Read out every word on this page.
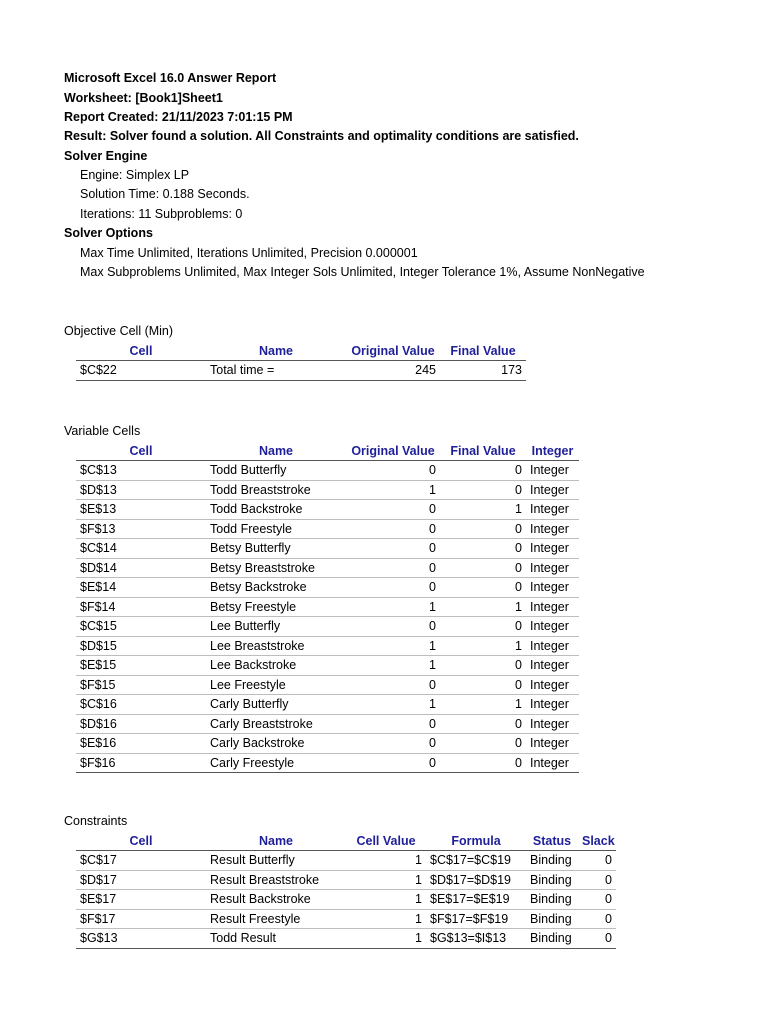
Microsoft Excel 16.0 Answer Report
Worksheet: [Book1]Sheet1
Report Created: 21/11/2023 7:01:15 PM
Result: Solver found a solution. All Constraints and optimality conditions are satisfied.
Solver Engine
Engine: Simplex LP
Solution Time: 0.188 Seconds.
Iterations: 11 Subproblems: 0
Solver Options
Max Time Unlimited, Iterations Unlimited, Precision 0.000001
Max Subproblems Unlimited, Max Integer Sols Unlimited, Integer Tolerance 1%, Assume NonNegative
Objective Cell (Min)
Cell	Name	Original Value	Final Value
$C$22	Total time =	245	173
Variable Cells
Cell	Name	Original Value	Final Value	Integer
$C$13	Todd Butterfly	0	0	Integer
$D$13	Todd Breaststroke	1	0	Integer
$E$13	Todd Backstroke	0	1	Integer
$F$13	Todd Freestyle	0	0	Integer
$C$14	Betsy Butterfly	0	0	Integer
$D$14	Betsy Breaststroke	0	0	Integer
$E$14	Betsy Backstroke	0	0	Integer
$F$14	Betsy Freestyle	1	1	Integer
$C$15	Lee Butterfly	0	0	Integer
$D$15	Lee Breaststroke	1	1	Integer
$E$15	Lee Backstroke	1	0	Integer
$F$15	Lee Freestyle	0	0	Integer
$C$16	Carly Butterfly	1	1	Integer
$D$16	Carly Breaststroke	0	0	Integer
$E$16	Carly Backstroke	0	0	Integer
$F$16	Carly Freestyle	0	0	Integer
Constraints
Cell	Name	Cell Value	Formula	Status	Slack
$C$17	Result Butterfly	1	$C$17=$C$19	Binding	0
$D$17	Result Breaststroke	1	$D$17=$D$19	Binding	0
$E$17	Result Backstroke	1	$E$17=$E$19	Binding	0
$F$17	Result Freestyle	1	$F$17=$F$19	Binding	0
$G$13	Todd Result	1	$G$13=$I$13	Binding	0
